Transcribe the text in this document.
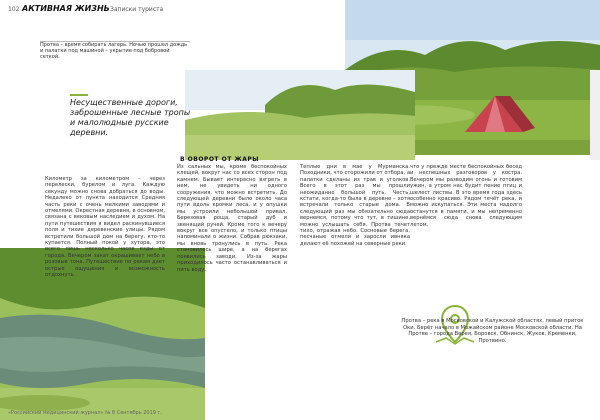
102 АКТИВНАЯ ЖИЗНЬ Записки туриста
Протва – время собирать лагерь. Ночью прошел дождь и палатки под машиной – укрытие под бобровой сеткой.
Несущественные дороги, заброшенные лесные тропы и малолюдные русские деревни.
В ОВОРОТ ОТ ЖАРЫ
Километр за километром – через перелески, бурелом и луга. Каждую секунду можно снова добраться до воды. Недалеко от пункта находится Средняя часть реки с очень мелкими заводями и отмелями. Окрестная деревня, в основном, связана с вековым наследием и духом. На пути путешествия я видел раскинувшиеся поля и тихие деревенские улицы. Рядом встретили большой дом на берегу, кто-то купается. Полный покой у хутора, это всего лишь несколько часов езды от города. Вечером закат окрашивает небо в розовые тона. Путешествие по рекам дает острые ощущения и возможность отдохнуть.
Из сальных мы, кроме беспокойных клещей, вокруг нас со всех сторон под камнем. Бывает интересно взгреть в нем, не увидеть ни одного сооружения, что можно встретить. До следующей деревни было около часа пути вдоль кромки леса, и у опушки мы устроили небольшой привал. Березовая роща, старый дуб и звенящий ручей. Кроме того к вечеру вокруг все опустело, и только птицы напоминали о жизни. Собрав рюкзаки, мы вновь тронулись в путь. Река становилась шире, а на берегах появились заводи. Из-за жары приходилось часто останавливаться и пить воду.
Теплые дни в мае у Мурманска. Походники, что сторожили от отбора, а палатки сделаны из трав и уголков. Всего в этот раз мы прошли неожиданно большой путь. Честь, кстати, когда-то была в деревне – хотя встречали только старые дома. В следующий раз мы обязательно сюда вернемся, потому что тут, в тишине, можно услышать себя. Протва течет тихо, отражая небо. Сосновые берега, песчаные отмели и заросли ивняка делают её похожей на северные реки.
что у прежде месте беспокойных бесед и неспешных разговоров у костра. Вечером мы разводим огонь и готовим ужин, а утром нас будит пение птиц и шелест листвы. В это время года здесь особенно красиво. Рядом течёт река, и можно искупаться. Эти места надолго останутся в памяти, и мы непременно вернёмся сюда снова следующим летом.
Протва – река в Московской и Калужской областях, левый приток Оки. Берёт начало в Можайском районе Московской области. На Протве – города Верея, Боровск, Обнинск, Жуков, Кременки, Протвино.
«Российский медицинский журнал» № 8 Сентябрь 2019 г.
